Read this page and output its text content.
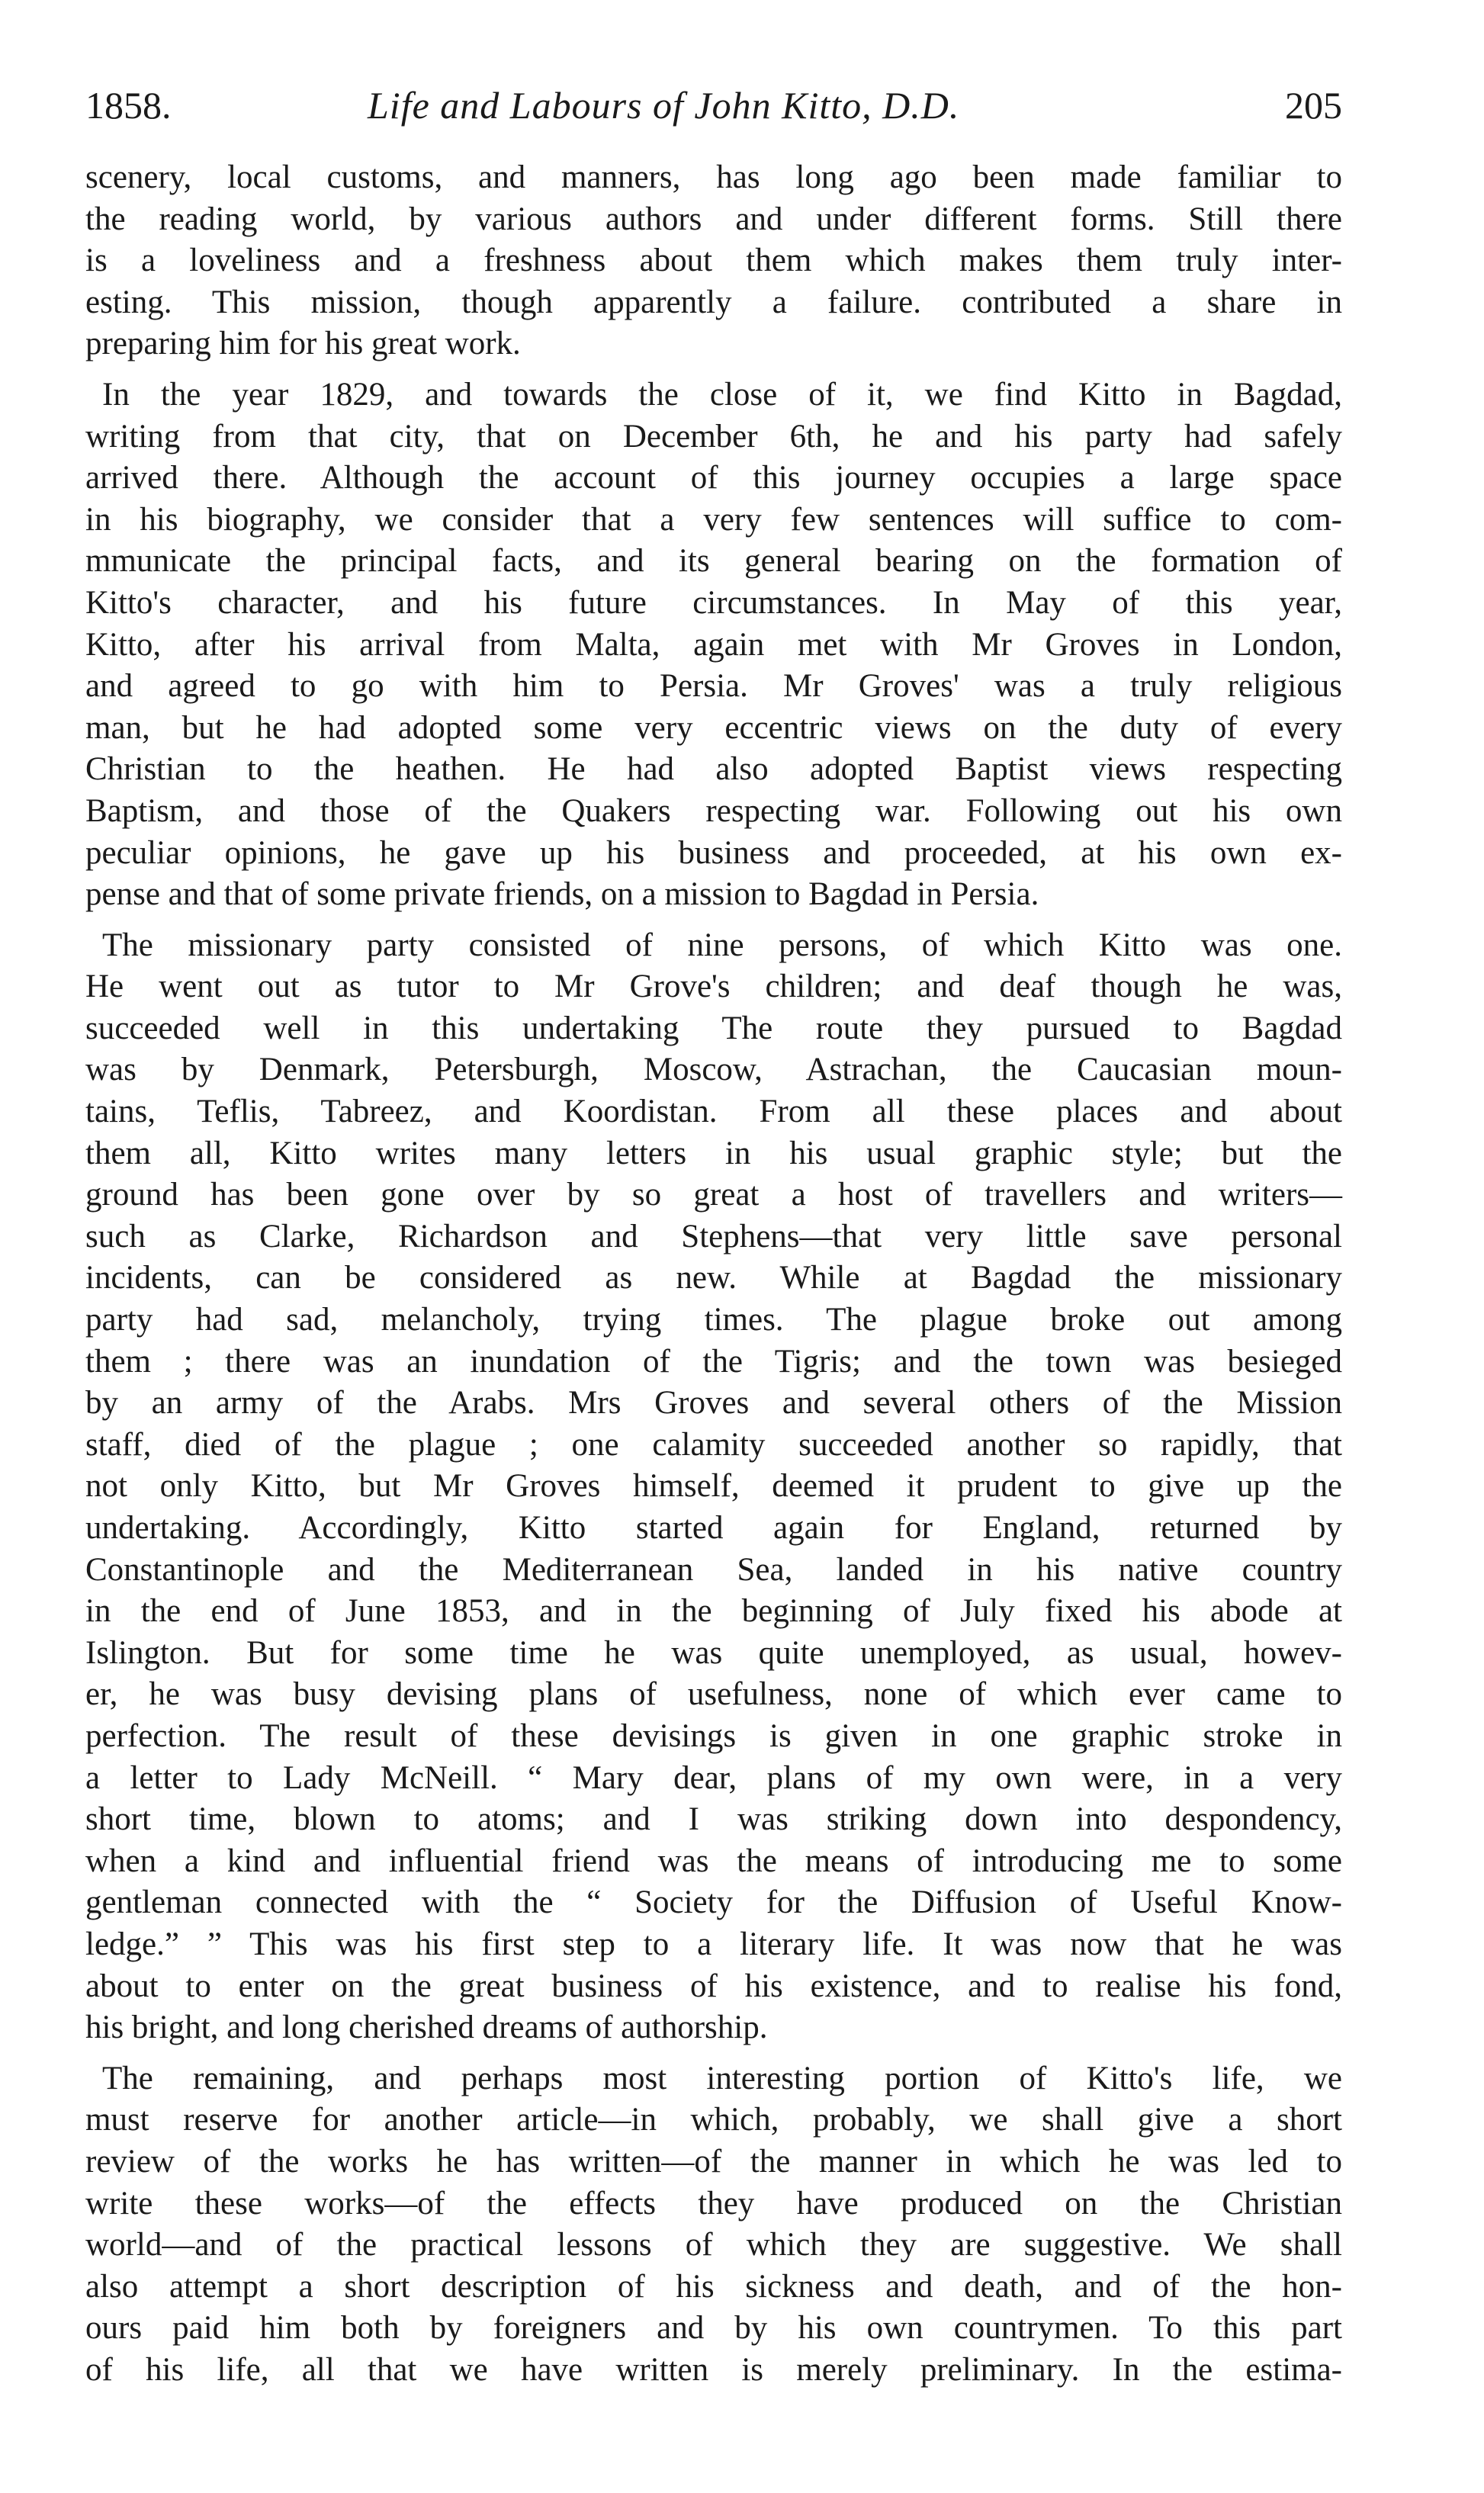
1858.	Life and Labours of John Kitto, D.D.	205

scenery, local customs, and manners, has long ago been made familiar to
the reading world, by various authors and under different forms. Still there
is a loveliness and a freshness about them which makes them truly inter-
esting. This mission, though apparently a failure. contributed a share in
preparing him for his great work.

In the year 1829, and towards the close of it, we find Kitto in Bagdad,
writing from that city, that on December 6th, he and his party had safely
arrived there. Although the account of this journey occupies a large space
in his biography, we consider that a very few sentences will suffice to com-
mmunicate the principal facts, and its general bearing on the formation of
Kitto's character, and his future circumstances. In May of this year,
Kitto, after his arrival from Malta, again met with Mr Groves in London,
and agreed to go with him to Persia. Mr Groves' was a truly religious
man, but he had adopted some very eccentric views on the duty of every
Christian to the heathen. He had also adopted Baptist views respecting
Baptism, and those of the Quakers respecting war. Following out his own
peculiar opinions, he gave up his business and proceeded, at his own ex-
pense and that of some private friends, on a mission to Bagdad in Persia.

The missionary party consisted of nine persons, of which Kitto was one.
He went out as tutor to Mr Grove's children; and deaf though he was,
succeeded well in this undertaking The route they pursued to Bagdad
was by Denmark, Petersburgh, Moscow, Astrachan, the Caucasian moun-
tains, Teflis, Tabreez, and Koordistan. From all these places and about
them all, Kitto writes many letters in his usual graphic style; but the
ground has been gone over by so great a host of travellers and writers—
such as Clarke, Richardson and Stephens—that very little save personal
incidents, can be considered as new. While at Bagdad the missionary
party had sad, melancholy, trying times. The plague broke out among
them ; there was an inundation of the Tigris; and the town was besieged
by an army of the Arabs. Mrs Groves and several others of the Mission
staff, died of the plague ; one calamity succeeded another so rapidly, that
not only Kitto, but Mr Groves himself, deemed it prudent to give up the
undertaking. Accordingly, Kitto started again for England, returned by
Constantinople and the Mediterranean Sea, landed in his native country
in the end of June 1853, and in the beginning of July fixed his abode at
Islington. But for some time he was quite unemployed, as usual, howev-
er, he was busy devising plans of usefulness, none of which ever came to
perfection. The result of these devisings is given in one graphic stroke in
a letter to Lady McNeill. “ Mary dear, plans of my own were, in a very
short time, blown to atoms; and I was striking down into despondency,
when a kind and influential friend was the means of introducing me to some
gentleman connected with the “ Society for the Diffusion of Useful Know-
ledge.” ” This was his first step to a literary life. It was now that he was
about to enter on the great business of his existence, and to realise his fond,
his bright, and long cherished dreams of authorship.

The remaining, and perhaps most interesting portion of Kitto's life, we
must reserve for another article—in which, probably, we shall give a short
review of the works he has written—of the manner in which he was led to
write these works—of the effects they have produced on the Christian
world—and of the practical lessons of which they are suggestive. We shall
also attempt a short description of his sickness and death, and of the hon-
ours paid him both by foreigners and by his own countrymen. To this part
of his life, all that we have written is merely preliminary. In the estima-
